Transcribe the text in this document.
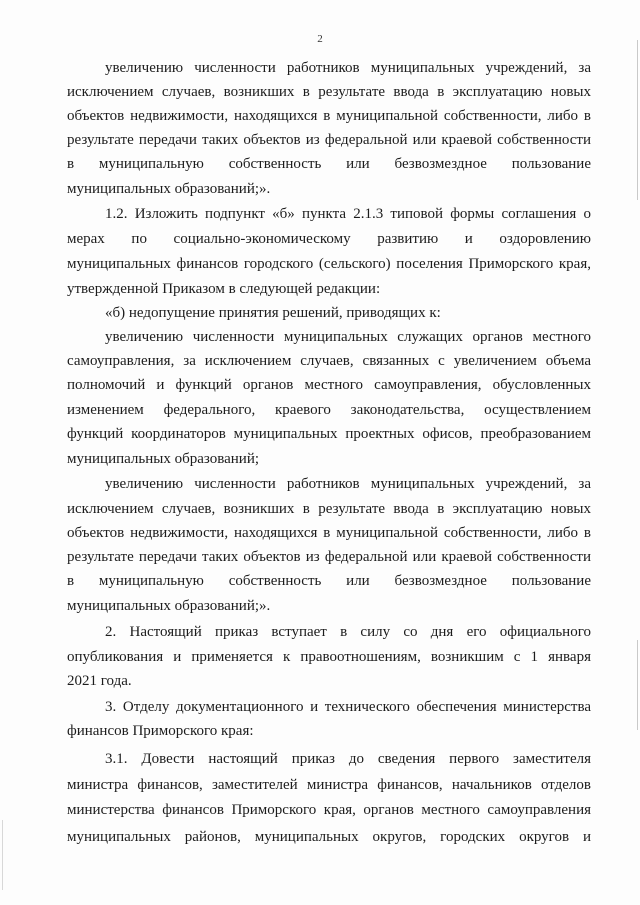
2
увеличению численности работников муниципальных учреждений, за
исключением случаев, возникших в результате ввода в эксплуатацию новых
объектов недвижимости, находящихся в муниципальной собственности, либо в
результате передачи таких объектов из федеральной или краевой собственности
в муниципальную собственность или безвозмездное пользование
муниципальных образований;».
1.2. Изложить подпункт «б» пункта 2.1.3 типовой формы соглашения о
мерах по социально-экономическому развитию и оздоровлению
муниципальных финансов городского (сельского) поселения Приморского края,
утвержденной Приказом в следующей редакции:
«б) недопущение принятия решений, приводящих к:
увеличению численности муниципальных служащих органов местного
самоуправления, за исключением случаев, связанных с увеличением объема
полномочий и функций органов местного самоуправления, обусловленных
изменением федерального, краевого законодательства, осуществлением
функций координаторов муниципальных проектных офисов, преобразованием
муниципальных образований;
увеличению численности работников муниципальных учреждений, за
исключением случаев, возникших в результате ввода в эксплуатацию новых
объектов недвижимости, находящихся в муниципальной собственности, либо в
результате передачи таких объектов из федеральной или краевой собственности
в муниципальную собственность или безвозмездное пользование
муниципальных образований;».
2. Настоящий приказ вступает в силу со дня его официального
опубликования и применяется к правоотношениям, возникшим с 1 января
2021 года.
3. Отделу документационного и технического обеспечения министерства
финансов Приморского края:
3.1. Довести настоящий приказ до сведения первого заместителя
министра финансов, заместителей министра финансов, начальников отделов
министерства финансов Приморского края, органов местного самоуправления
муниципальных районов, муниципальных округов, городских округов и
